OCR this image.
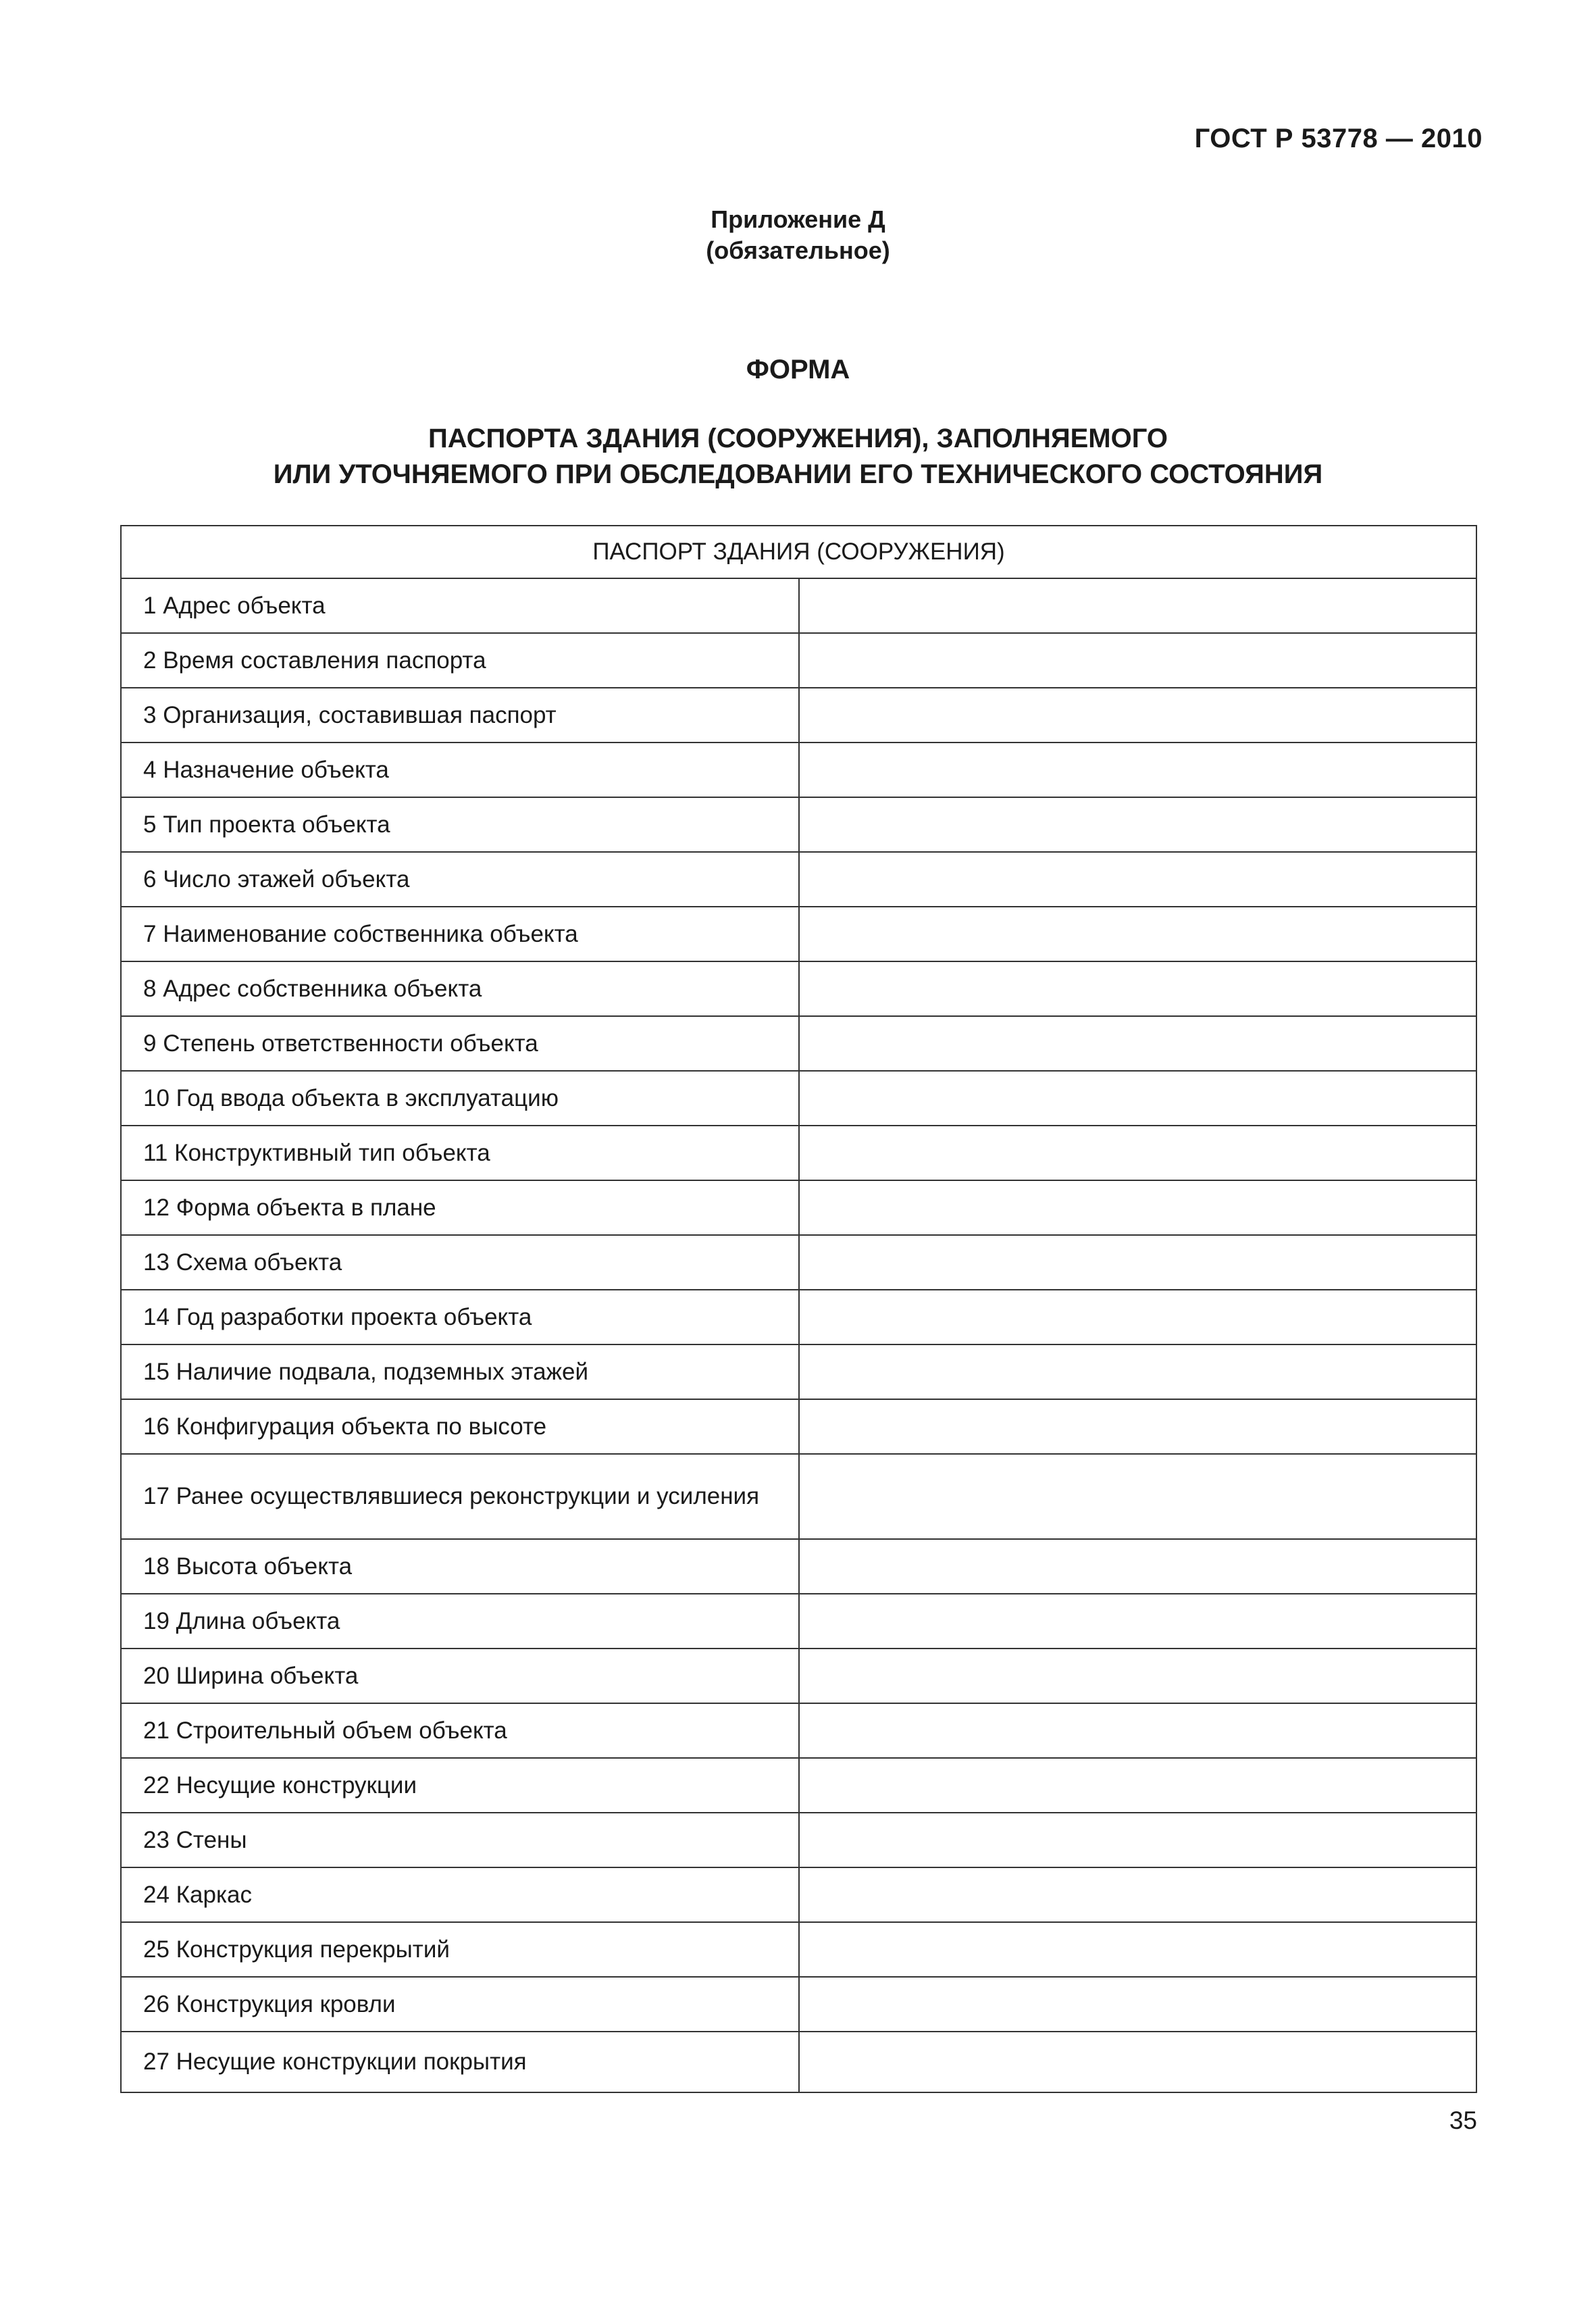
ГОСТ Р 53778 — 2010
Приложение Д
(обязательное)
ФОРМА
ПАСПОРТА ЗДАНИЯ (СООРУЖЕНИЯ), ЗАПОЛНЯЕМОГО
ИЛИ УТОЧНЯЕМОГО ПРИ ОБСЛЕДОВАНИИ ЕГО ТЕХНИЧЕСКОГО СОСТОЯНИЯ
ПАСПОРТ ЗДАНИЯ (СООРУЖЕНИЯ)	
1 Адрес объекта	
2 Время составления паспорта	
3 Организация, составившая паспорт	
4 Назначение объекта	
5 Тип проекта объекта	
6 Число этажей объекта	
7 Наименование собственника объекта	
8 Адрес собственника объекта	
9 Степень ответственности объекта	
10 Год ввода объекта в эксплуатацию	
11 Конструктивный тип объекта	
12 Форма объекта в плане	
13 Схема объекта	
14 Год разработки проекта объекта	
15 Наличие подвала, подземных этажей	
16 Конфигурация объекта по высоте	
17 Ранее осуществлявшиеся реконструкции и усиления	
18 Высота объекта	
19 Длина объекта	
20 Ширина объекта	
21 Строительный объем объекта	
22 Несущие конструкции	
23 Стены	
24 Каркас	
25 Конструкция перекрытий	
26 Конструкция кровли	
27 Несущие конструкции покрытия	
35
